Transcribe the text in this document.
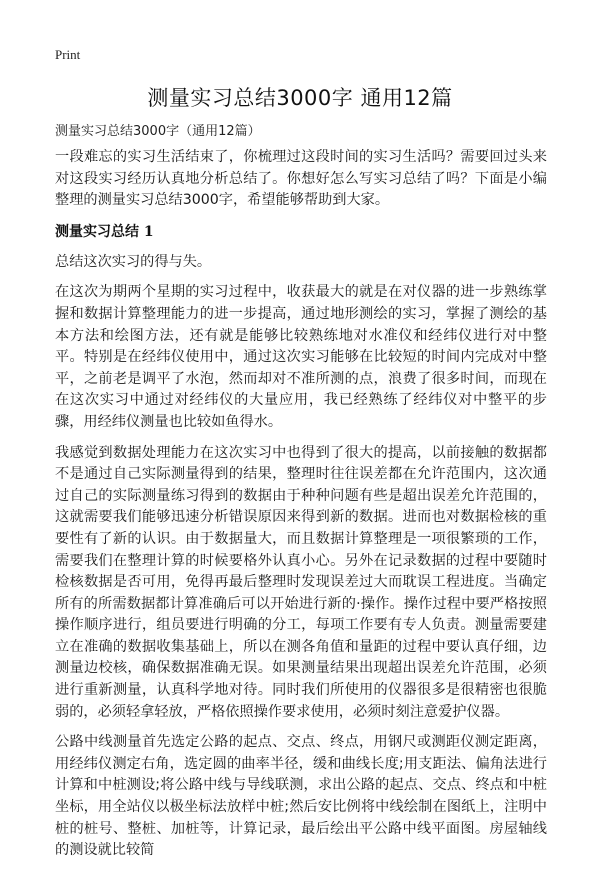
Print
测量实习总结3000字 通用12篇

测量实习总结3000字（通用12篇）

一段难忘的实习生活结束了，你梳理过这段时间的实习生活吗？需要回过头来对这段实习经历认真地分析总结了。你想好怎么写实习总结了吗？下面是小编整理的测量实习总结3000字，希望能够帮助到大家。

测量实习总结 1

总结这次实习的得与失。

在这次为期两个星期的实习过程中，收获最大的就是在对仪器的进一步熟练掌握和数据计算整理能力的进一步提高，通过地形测绘的实习，掌握了测绘的基本方法和绘图方法，还有就是能够比较熟练地对水准仪和经纬仪进行对中整平。特别是在经纬仪使用中，通过这次实习能够在比较短的时间内完成对中整平，之前老是调平了水泡，然而却对不准所测的点，浪费了很多时间，而现在在这次实习中通过对经纬仪的大量应用，我已经熟练了经纬仪对中整平的步骤，用经纬仪测量也比较如鱼得水。

我感觉到数据处理能力在这次实习中也得到了很大的提高，以前接触的数据都不是通过自己实际测量得到的结果，整理时往往误差都在允许范围内，这次通过自己的实际测量练习得到的数据由于种种问题有些是超出误差允许范围的，这就需要我们能够迅速分析错误原因来得到新的数据。进而也对数据检核的重要性有了新的认识。由于数据量大，而且数据计算整理是一项很繁琐的工作，需要我们在整理计算的时候要格外认真小心。另外在记录数据的过程中要随时检核数据是否可用，免得再最后整理时发现误差过大而耽误工程进度。当确定所有的所需数据都计算准确后可以开始进行新的·操作。操作过程中要严格按照操作顺序进行，组员要进行明确的分工，每项工作要有专人负责。测量需要建立在准确的数据收集基础上，所以在测各角值和量距的过程中要认真仔细，边测量边校核，确保数据准确无误。如果测量结果出现超出误差允许范围，必须进行重新测量，认真科学地对待。同时我们所使用的仪器很多是很精密也很脆弱的，必须轻拿轻放，严格依照操作要求使用，必须时刻注意爱护仪器。

公路中线测量首先选定公路的起点、交点、终点，用钢尺或测距仪测定距离，用经纬仪测定右角，选定圆的曲率半径，缓和曲线长度;用支距法、偏角法进行计算和中桩测设;将公路中线与导线联测，求出公路的起点、交点、终点和中桩坐标，用全站仪以极坐标法放样中桩;然后安比例将中线绘制在图纸上，注明中桩的桩号、整桩、加桩等，计算记录，最后绘出平公路中线平面图。房屋轴线的测设就比较简
